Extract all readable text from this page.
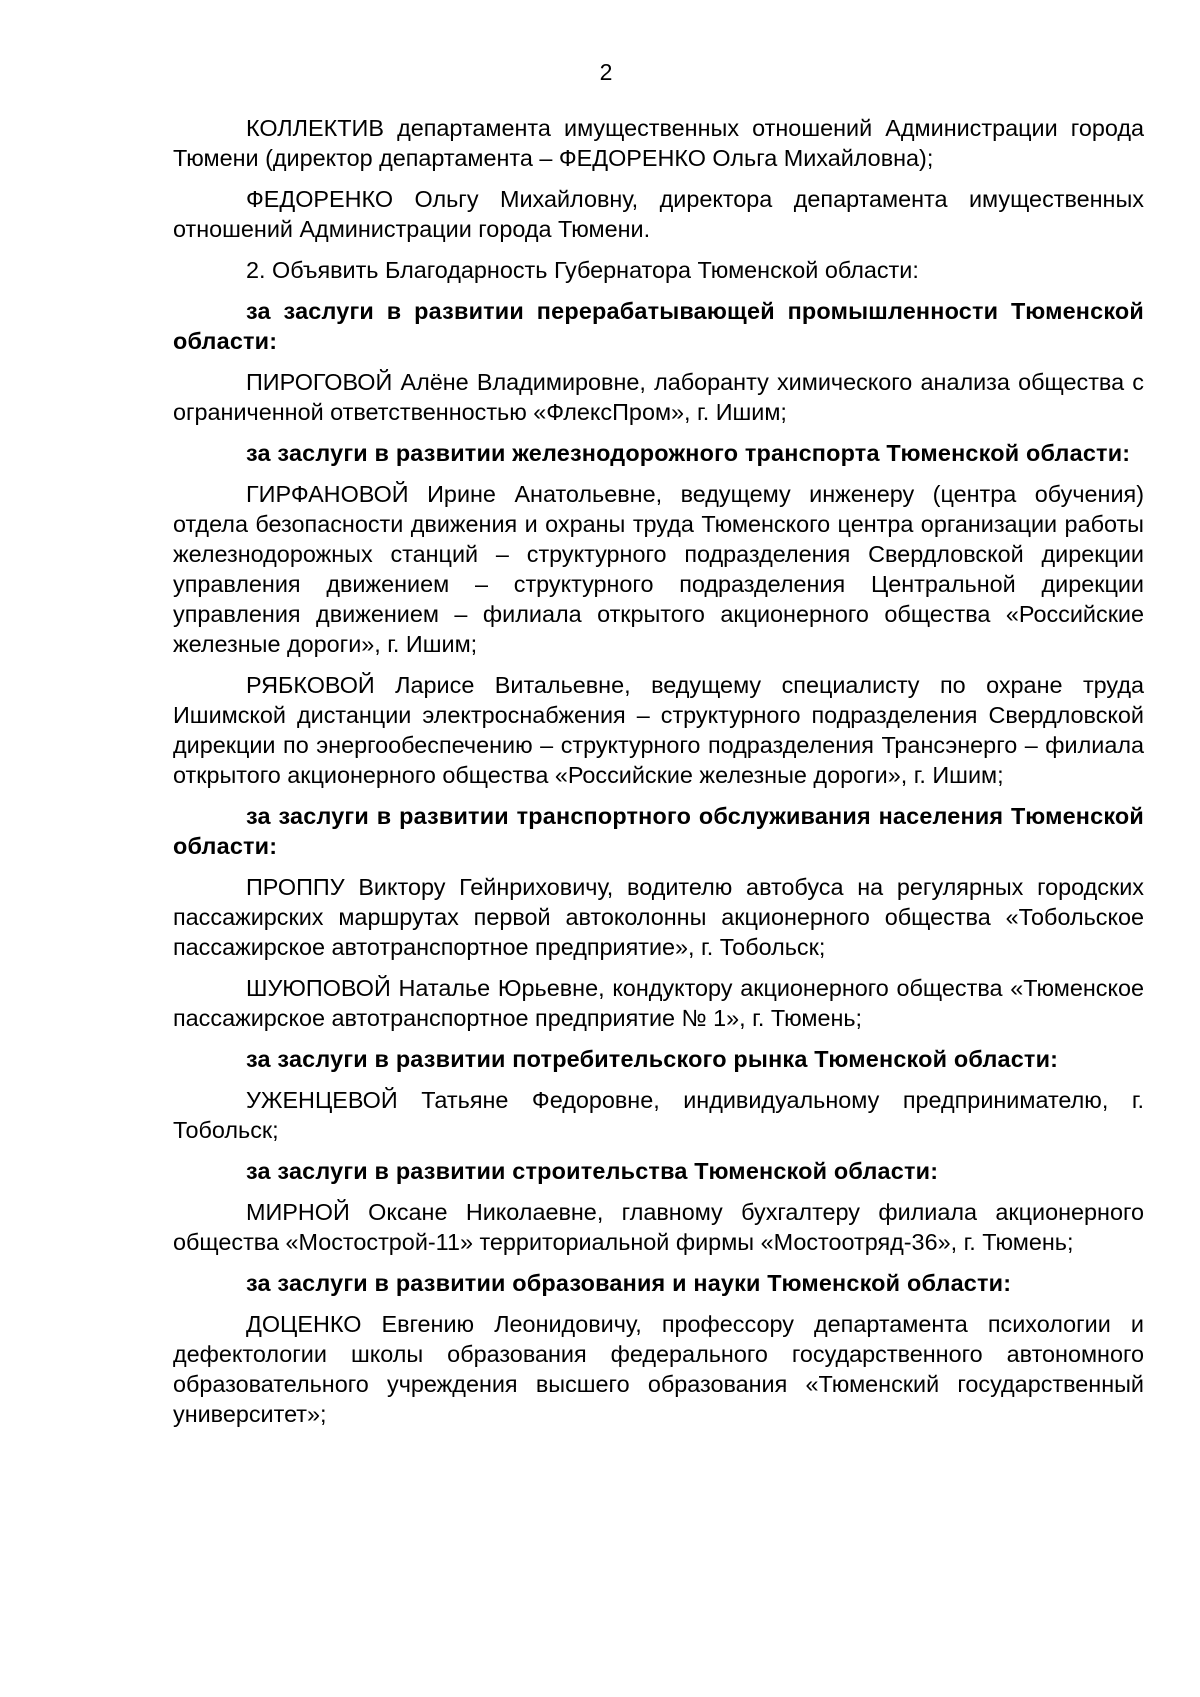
2

КОЛЛЕКТИВ департамента имущественных отношений Администрации города Тюмени (директор департамента – ФЕДОРЕНКО Ольга Михайловна);

ФЕДОРЕНКО Ольгу Михайловну, директора департамента имущественных отношений Администрации города Тюмени.

2. Объявить Благодарность Губернатора Тюменской области:

за заслуги в развитии перерабатывающей промышленности Тюменской области:

ПИРОГОВОЙ Алёне Владимировне, лаборанту химического анализа общества с ограниченной ответственностью «ФлексПром», г. Ишим;

за заслуги в развитии железнодорожного транспорта Тюменской области:

ГИРФАНОВОЙ Ирине Анатольевне, ведущему инженеру (центра обучения) отдела безопасности движения и охраны труда Тюменского центра организации работы железнодорожных станций – структурного подразделения Свердловской дирекции управления движением – структурного подразделения Центральной дирекции управления движением – филиала открытого акционерного общества «Российские железные дороги», г. Ишим;

РЯБКОВОЙ Ларисе Витальевне, ведущему специалисту по охране труда Ишимской дистанции электроснабжения – структурного подразделения Свердловской дирекции по энергообеспечению – структурного подразделения Трансэнерго – филиала открытого акционерного общества «Российские железные дороги», г. Ишим;

за заслуги в развитии транспортного обслуживания населения Тюменской области:

ПРОППУ Виктору Гейнриховичу, водителю автобуса на регулярных городских пассажирских маршрутах первой автоколонны акционерного общества «Тобольское пассажирское автотранспортное предприятие», г. Тобольск;

ШУЮПОВОЙ Наталье Юрьевне, кондуктору акционерного общества «Тюменское пассажирское автотранспортное предприятие № 1», г. Тюмень;

за заслуги в развитии потребительского рынка Тюменской области:

УЖЕНЦЕВОЙ Татьяне Федоровне, индивидуальному предпринимателю, г. Тобольск;

за заслуги в развитии строительства Тюменской области:

МИРНОЙ Оксане Николаевне, главному бухгалтеру филиала акционерного общества «Мостострой-11» территориальной фирмы «Мостоотряд-36», г. Тюмень;

за заслуги в развитии образования и науки Тюменской области:

ДОЦЕНКО Евгению Леонидовичу, профессору департамента психологии и дефектологии школы образования федерального государственного автономного образовательного учреждения высшего образования «Тюменский государственный университет»;
